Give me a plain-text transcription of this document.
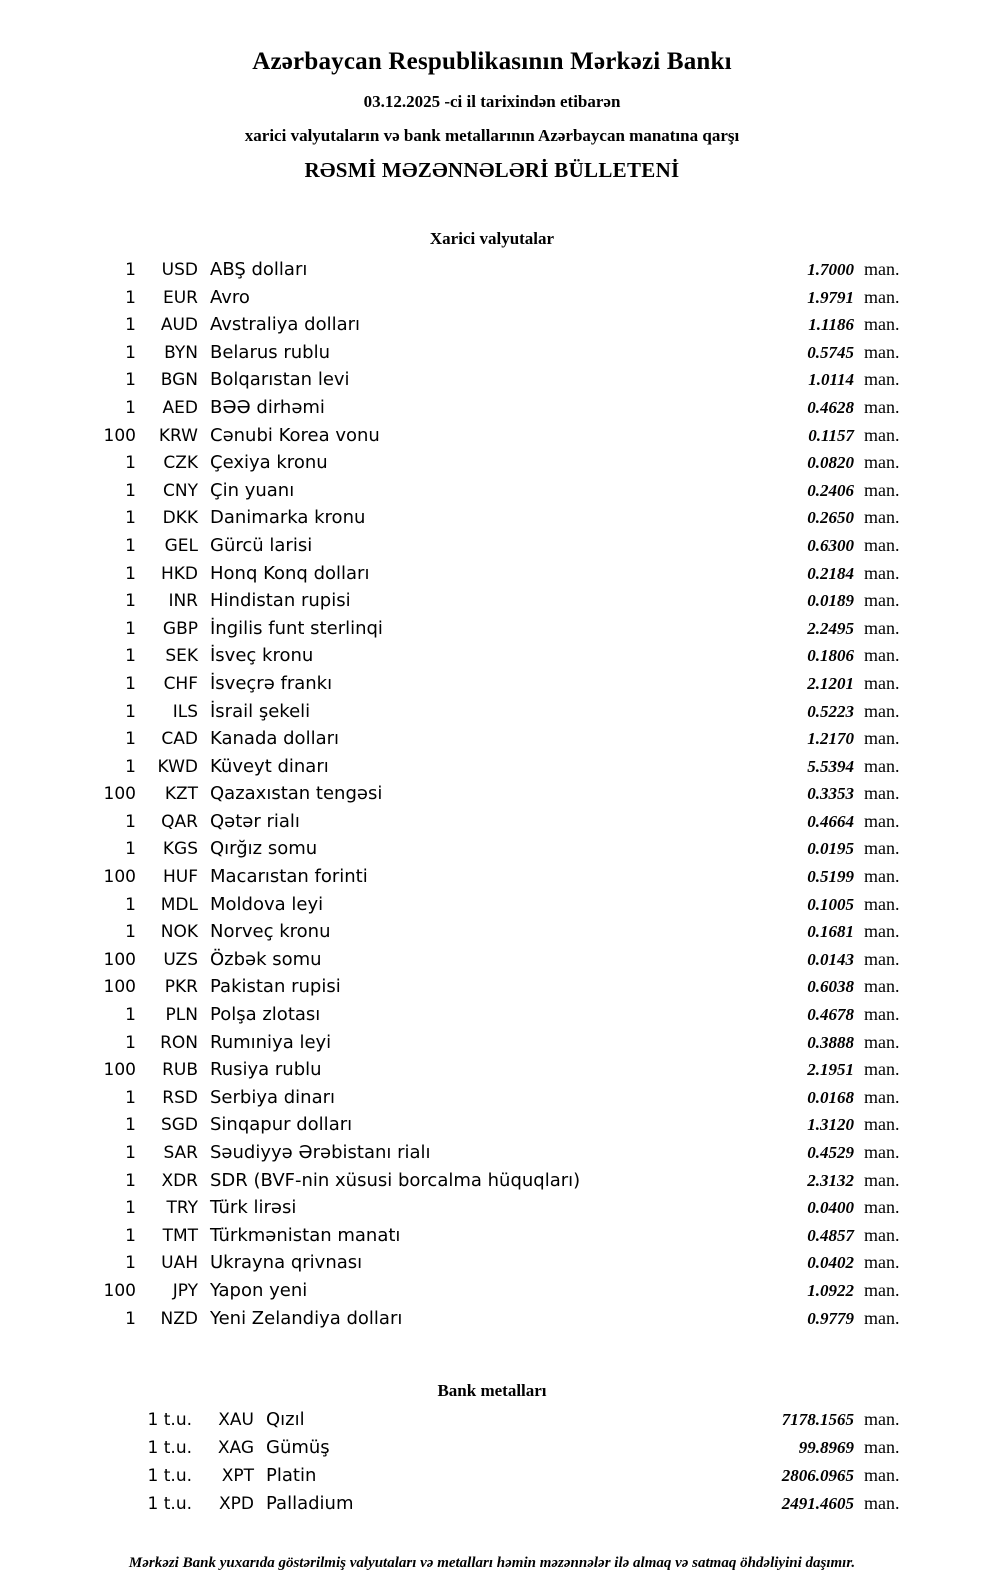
Azərbaycan Respublikasının Mərkəzi Bankı
03.12.2025 -ci il tarixindən etibarən
xarici valyutaların və bank metallarının Azərbaycan manatına qarşı
RƏSMİ MƏZƏNNƏLƏRİ BÜLLETENİ
Xarici valyutalar
1	USD	ABŞ dolları	1.7000	man.
1	EUR	Avro	1.9791	man.
1	AUD	Avstraliya dolları	1.1186	man.
1	BYN	Belarus rublu	0.5745	man.
1	BGN	Bolqarıstan levi	1.0114	man.
1	AED	BƏƏ dirhəmi	0.4628	man.
100	KRW	Cənubi Korea vonu	0.1157	man.
1	CZK	Çexiya kronu	0.0820	man.
1	CNY	Çin yuanı	0.2406	man.
1	DKK	Danimarka kronu	0.2650	man.
1	GEL	Gürcü larisi	0.6300	man.
1	HKD	Honq Konq dolları	0.2184	man.
1	INR	Hindistan rupisi	0.0189	man.
1	GBP	İngilis funt sterlinqi	2.2495	man.
1	SEK	İsveç kronu	0.1806	man.
1	CHF	İsveçrə frankı	2.1201	man.
1	ILS	İsrail şekeli	0.5223	man.
1	CAD	Kanada dolları	1.2170	man.
1	KWD	Küveyt dinarı	5.5394	man.
100	KZT	Qazaxıstan tengəsi	0.3353	man.
1	QAR	Qətər rialı	0.4664	man.
1	KGS	Qırğız somu	0.0195	man.
100	HUF	Macarıstan forinti	0.5199	man.
1	MDL	Moldova leyi	0.1005	man.
1	NOK	Norveç kronu	0.1681	man.
100	UZS	Özbək somu	0.0143	man.
100	PKR	Pakistan rupisi	0.6038	man.
1	PLN	Polşa zlotası	0.4678	man.
1	RON	Rumıniya leyi	0.3888	man.
100	RUB	Rusiya rublu	2.1951	man.
1	RSD	Serbiya dinarı	0.0168	man.
1	SGD	Sinqapur dolları	1.3120	man.
1	SAR	Səudiyyə Ərəbistanı rialı	0.4529	man.
1	XDR	SDR (BVF-nin xüsusi borcalma hüquqları)	2.3132	man.
1	TRY	Türk lirəsi	0.0400	man.
1	TMT	Türkmənistan manatı	0.4857	man.
1	UAH	Ukrayna qrivnası	0.0402	man.
100	JPY	Yapon yeni	1.0922	man.
1	NZD	Yeni Zelandiya dolları	0.9779	man.
Bank metalları
1 t.u.	XAU	Qızıl	7178.1565	man.
1 t.u.	XAG	Gümüş	99.8969	man.
1 t.u.	XPT	Platin	2806.0965	man.
1 t.u.	XPD	Palladium	2491.4605	man.
Mərkəzi Bank yuxarıda göstərilmiş valyutaları və metalları həmin məzənnələr ilə almaq və satmaq öhdəliyini daşımır.
